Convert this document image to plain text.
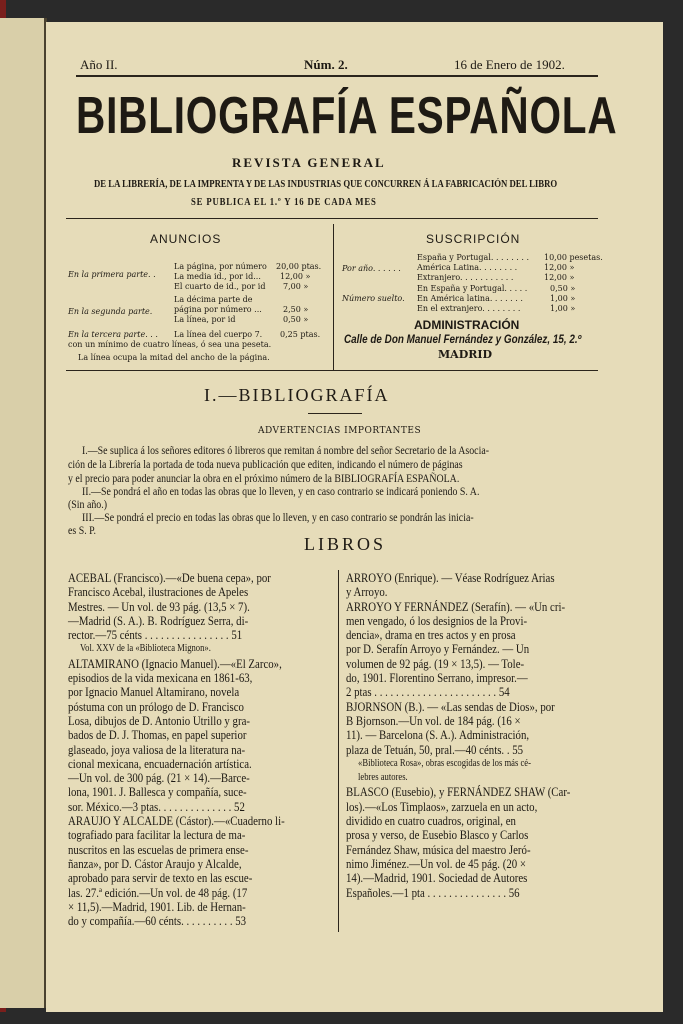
Año II.	Núm. 2.	16 de Enero de 1902.
BIBLIOGRAFÍA ESPAÑOLA
REVISTA GENERAL
DE LA LIBRERÍA, DE LA IMPRENTA Y DE LAS INDUSTRIAS QUE CONCURREN Á LA FABRICACIÓN DEL LIBRO
SE PUBLICA EL 1.º Y 16 DE CADA MES
ANUNCIOS
En la primera parte. .
La página, por número 20,00 ptas.
La media id., por id... 12,00 »
El cuarto de id., por id 7,00 »
En la segunda parte.
La décima parte de página por número ...	2,50 »
La línea, por id	0,50 »
En la tercera parte. . . La línea del cuerpo 7. 0,25 ptas.
con un mínimo de cuatro líneas, ó sea una peseta.
La línea ocupa la mitad del ancho de la página.
SUSCRIPCIÓN
Por año. . . . . .
España y Portugal. . . . . . . . 10,00 pesetas.
América Latina. . . . . . . .	12,00 »
Extranjero. . . . . . . . . . .	12,00 »
Número suelto.
En España y Portugal. . . . .	0,50 »
En América latina. . . . . . .	1,00 »
En el extranjero. . . . . . . .	1,00 »
ADMINISTRACIÓN
Calle de Don Manuel Fernández y González, 15, 2.º
MADRID
I.—BIBLIOGRAFÍA
ADVERTENCIAS IMPORTANTES
I.—Se suplica á los señores editores ó libreros que remitan á nombre del señor Secretario de la Asocia-
ción de la Librería la portada de toda nueva publicación que editen, indicando el número de páginas
y el precio para poder anunciar la obra en el próximo número de la BIBLIOGRAFÍA ESPAÑOLA.
II.—Se pondrá el año en todas las obras que lo lleven, y en caso contrario se indicará poniendo S. A.
(Sin año.)
III.—Se pondrá el precio en todas las obras que lo lleven, y en caso contrario se pondrán las inicia-
es S. P.
LIBROS
ACEBAL (Francisco).—«De buena cepa», por
Francisco Acebal, ilustraciones de Apeles
Mestres. — Un vol. de 93 pág. (13,5 × 7).
—Madrid (S. A.). B. Rodríguez Serra, di-
rector.—75 cénts . . . . . . . . . . . . . . . . 51
Vol. XXV de la «Biblioteca Mignon».
ALTAMIRANO (Ignacio Manuel).—«El Zarco»,
episodios de la vida mexicana en 1861-63,
por Ignacio Manuel Altamirano, novela
póstuma con un prólogo de D. Francisco
Losa, dibujos de D. Antonio Utrillo y gra-
bados de D. J. Thomas, en papel superior
glaseado, joya valiosa de la literatura na-
cional mexicana, encuadernación artística.
—Un vol. de 300 pág. (21 × 14).—Barce-
lona, 1901. J. Ballesca y compañía, suce-
sor. México.—3 ptas. . . . . . . . . . . . . . 52
ARAUJO Y ALCALDE (Cástor).—«Cuaderno li-
tografiado para facilitar la lectura de ma-
nuscritos en las escuelas de primera ense-
ñanza», por D. Cástor Araujo y Alcalde,
aprobado para servir de texto en las escue-
las. 27.ª edición.—Un vol. de 48 pág. (17
× 11,5).—Madrid, 1901. Lib. de Hernan-
do y compañía.—60 cénts. . . . . . . . . . 53
ARROYO (Enrique). — Véase Rodríguez Arias
y Arroyo.
ARROYO Y FERNÁNDEZ (Serafín). — «Un cri-
men vengado, ó los designios de la Provi-
dencia», drama en tres actos y en prosa
por D. Serafín Arroyo y Fernández. — Un
volumen de 92 pág. (19 × 13,5). — Tole-
do, 1901. Florentino Serrano, impresor.—
2 ptas . . . . . . . . . . . . . . . . . . . . . . . 54
BJORNSON (B.). — «Las sendas de Dios», por
B Bjornson.—Un vol. de 184 pág. (16 ×
11). — Barcelona (S. A.). Administración,
plaza de Tetuán, 50, pral.—40 cénts. . 55
«Biblioteca Rosa», obras escogidas de los más cé-
lebres autores.
BLASCO (Eusebio), y FERNÁNDEZ SHAW (Car-
los).—«Los Timplaos», zarzuela en un acto,
dividido en cuatro cuadros, original, en
prosa y verso, de Eusebio Blasco y Carlos
Fernández Shaw, música del maestro Jeró-
nimo Jiménez.—Un vol. de 45 pág. (20 ×
14).—Madrid, 1901. Sociedad de Autores
Españoles.—1 pta . . . . . . . . . . . . . . . 56
